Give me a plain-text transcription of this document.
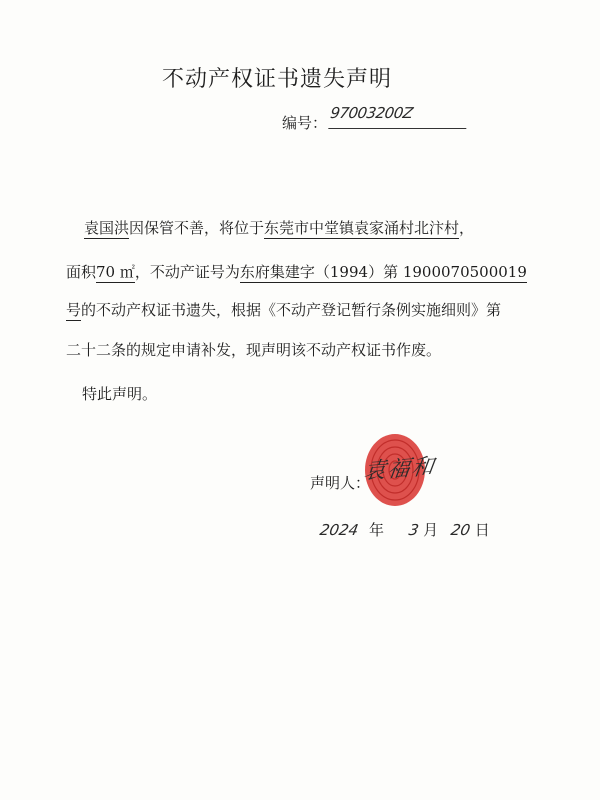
不动产权证书遗失声明
编号：
97003200Z
袁国洪因保管不善，将位于东莞市中堂镇袁家涌村北汴村，
面积70 ㎡，不动产证号为东府集建字（1994）第 1900070500019
号的不动产权证书遗失，根据《不动产登记暂行条例实施细则》第
二十二条的规定申请补发，现声明该不动产权证书作废。
特此声明。
声明人：
袁福和
2024 年 3 月 20 日
